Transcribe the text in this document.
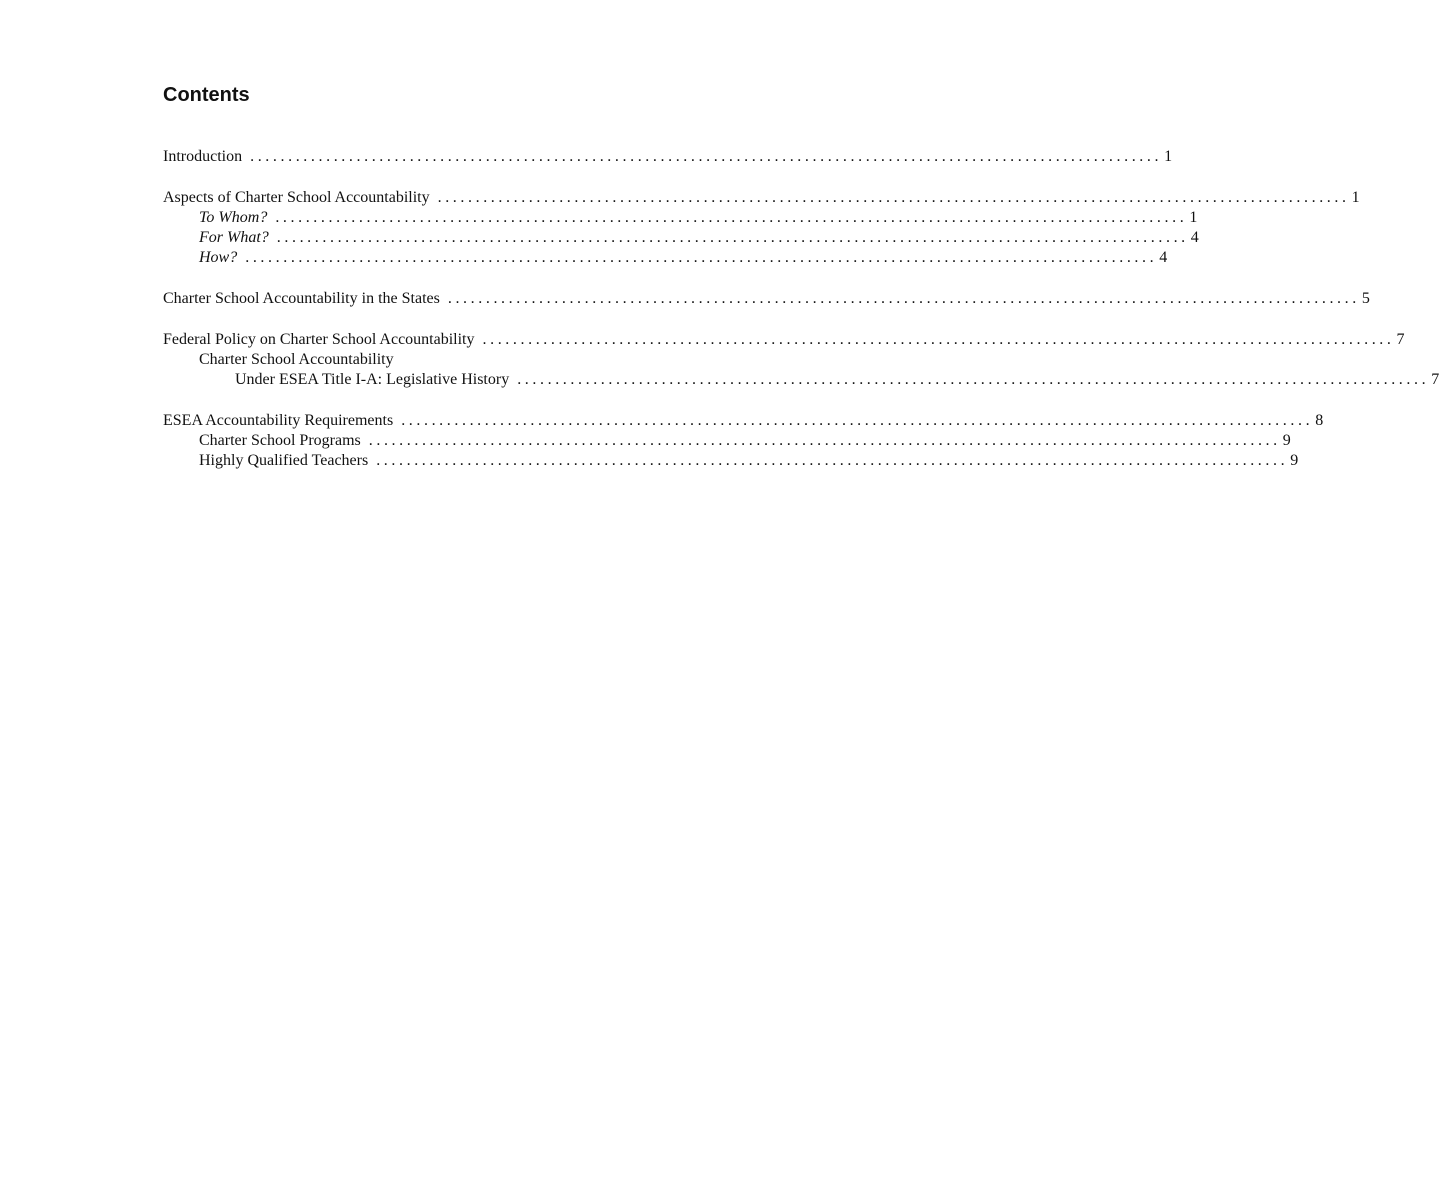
Contents
Introduction ........................................................................................................................ 1
Aspects of Charter School Accountability ........................................................................................................................ 1
To Whom? ........................................................................................................................ 1
For What? ........................................................................................................................ 4
How? ........................................................................................................................ 4
Charter School Accountability in the States ........................................................................................................................ 5
Federal Policy on Charter School Accountability ........................................................................................................................ 7
Charter School Accountability
Under ESEA Title I-A: Legislative History ........................................................................................................................ 7
ESEA Accountability Requirements ........................................................................................................................ 8
Charter School Programs ........................................................................................................................ 9
Highly Qualified Teachers ........................................................................................................................ 9
